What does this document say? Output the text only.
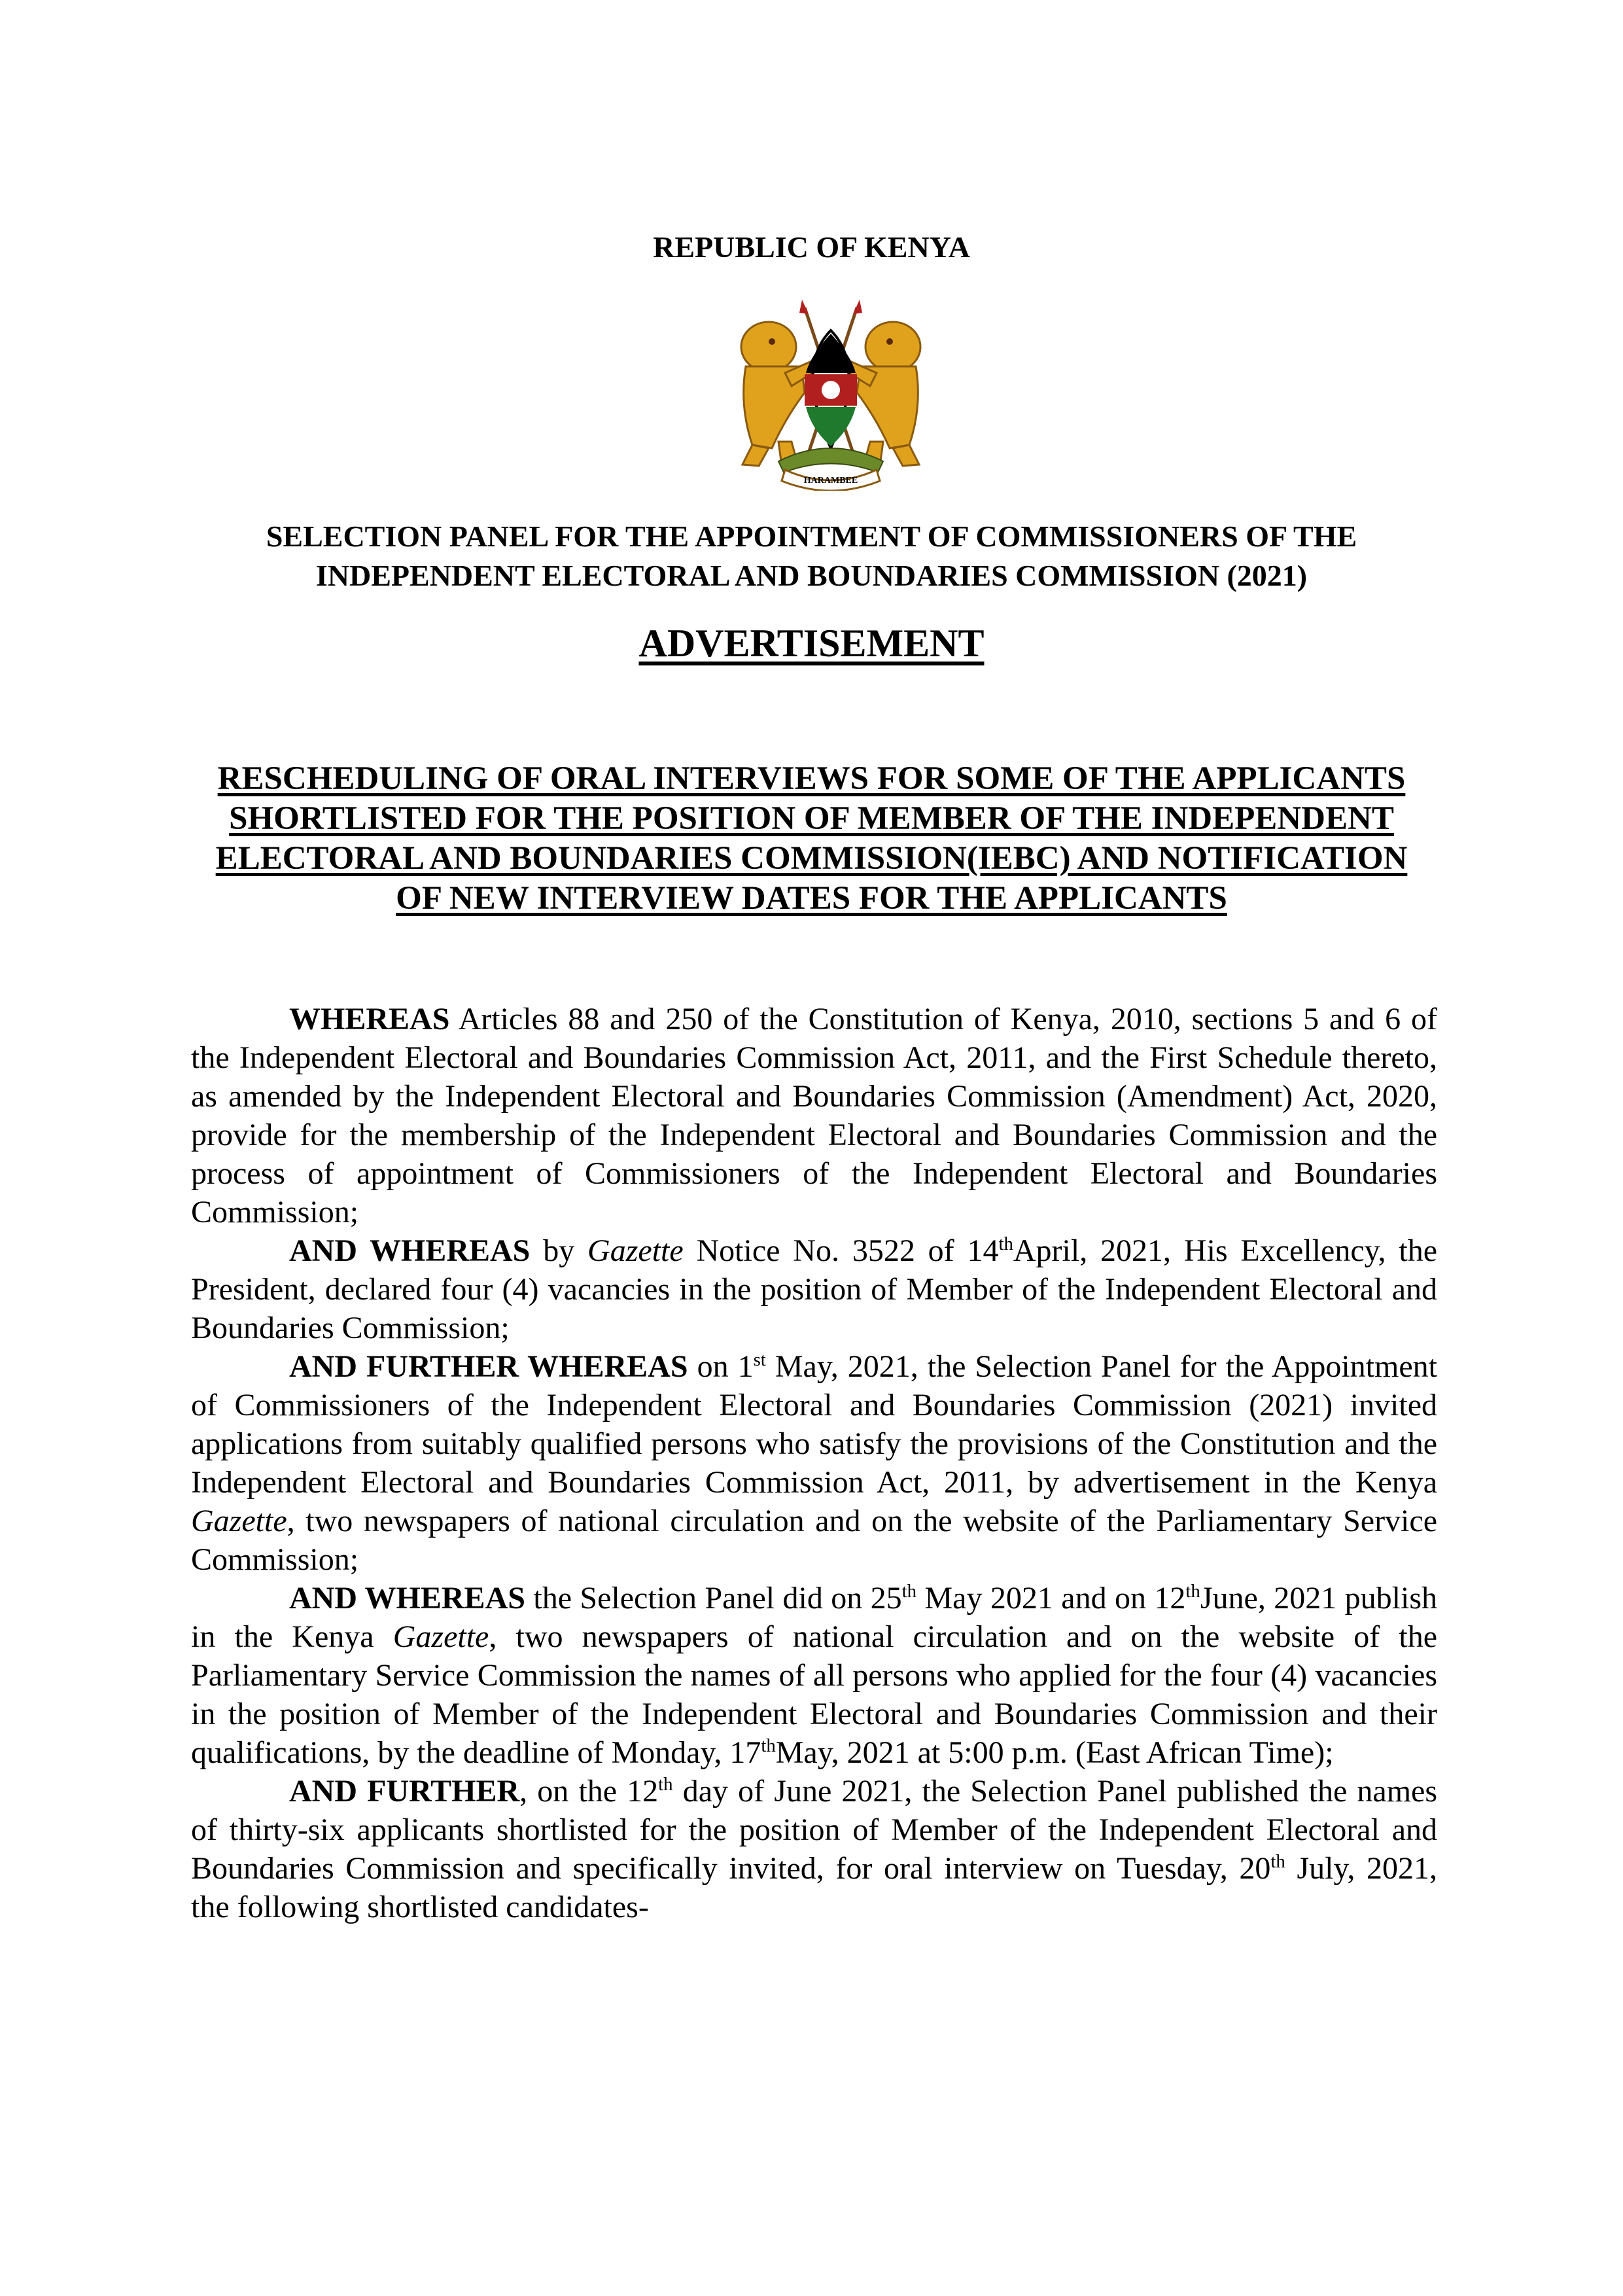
REPUBLIC OF KENYA
HARAMBEE
SELECTION PANEL FOR THE APPOINTMENT OF COMMISSIONERS OF THE
INDEPENDENT ELECTORAL AND BOUNDARIES COMMISSION (2021)
ADVERTISEMENT
RESCHEDULING OF ORAL INTERVIEWS FOR SOME OF THE APPLICANTS
SHORTLISTED FOR THE POSITION OF MEMBER OF THE INDEPENDENT
ELECTORAL AND BOUNDARIES COMMISSION(IEBC) AND NOTIFICATION
OF NEW INTERVIEW DATES FOR THE APPLICANTS

WHEREAS Articles 88 and 250 of the Constitution of Kenya, 2010, sections 5 and 6 of the Independent Electoral and Boundaries Commission Act, 2011, and the First Schedule thereto, as amended by the Independent Electoral and Boundaries Commission (Amendment) Act, 2020, provide for the membership of the Independent Electoral and Boundaries Commission and the process of appointment of Commissioners of the Independent Electoral and Boundaries Commission;

AND WHEREAS by Gazette Notice No. 3522 of 14thApril, 2021, His Excellency, the President, declared four (4) vacancies in the position of Member of the Independent Electoral and Boundaries Commission;

AND FURTHER WHEREAS on 1st May, 2021, the Selection Panel for the Appointment of Commissioners of the Independent Electoral and Boundaries Commission (2021) invited applications from suitably qualified persons who satisfy the provisions of the Constitution and the Independent Electoral and Boundaries Commission Act, 2011, by advertisement in the Kenya Gazette, two newspapers of national circulation and on the website of the Parliamentary Service Commission;

AND WHEREAS the Selection Panel did on 25th May 2021 and on 12thJune, 2021 publish in the Kenya Gazette, two newspapers of national circulation and on the website of the Parliamentary Service Commission the names of all persons who applied for the four (4) vacancies in the position of Member of the Independent Electoral and Boundaries Commission and their qualifications, by the deadline of Monday, 17thMay, 2021 at 5:00 p.m. (East African Time);

AND FURTHER, on the 12th day of June 2021, the Selection Panel published the names of thirty-six applicants shortlisted for the position of Member of the Independent Electoral and Boundaries Commission and specifically invited, for oral interview on Tuesday, 20th July, 2021, the following shortlisted candidates-
